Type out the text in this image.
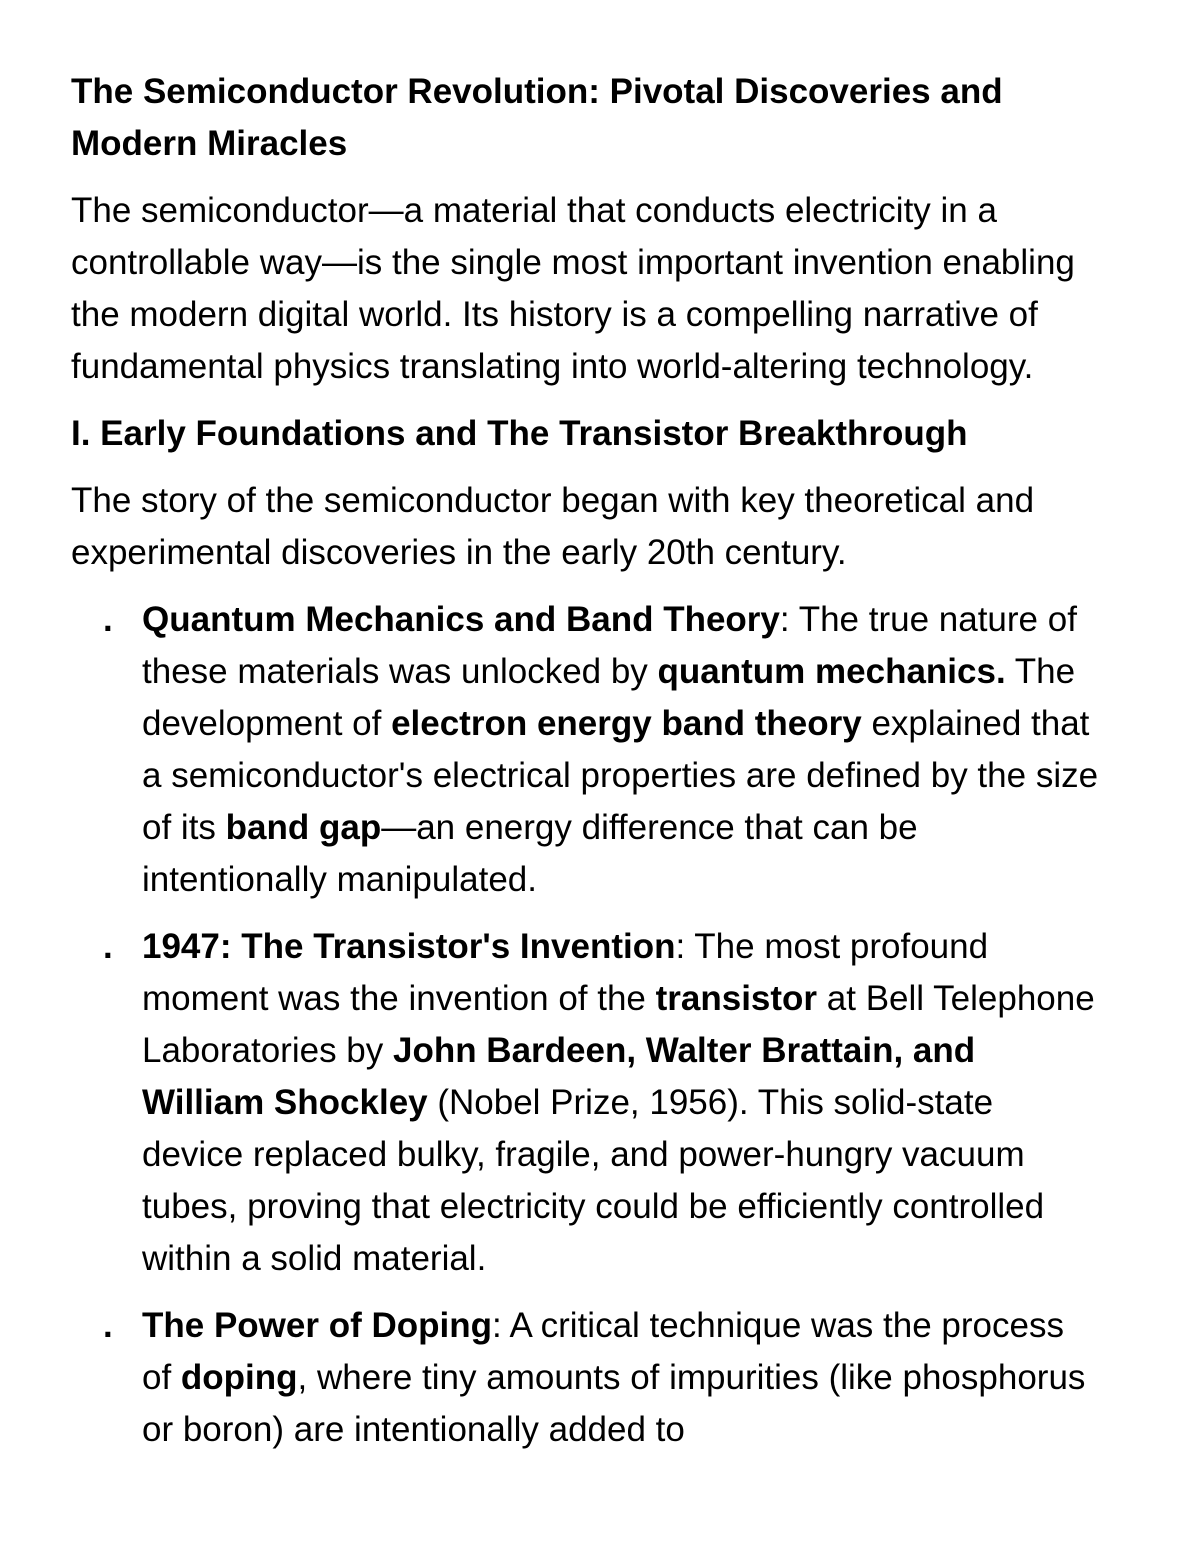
The Semiconductor Revolution: Pivotal Discoveries and Modern Miracles

The semiconductor—a material that conducts electricity in a controllable way—is the single most important invention enabling the modern digital world. Its history is a compelling narrative of fundamental physics translating into world-altering technology.

I. Early Foundations and The Transistor Breakthrough

The story of the semiconductor began with key theoretical and experimental discoveries in the early 20th century.

. Quantum Mechanics and Band Theory: The true nature of these materials was unlocked by quantum mechanics. The development of electron energy band theory explained that a semiconductor's electrical properties are defined by the size of its band gap—an energy difference that can be intentionally manipulated.
. 1947: The Transistor's Invention: The most profound moment was the invention of the transistor at Bell Telephone Laboratories by John Bardeen, Walter Brattain, and William Shockley (Nobel Prize, 1956). This solid-state device replaced bulky, fragile, and power-hungry vacuum tubes, proving that electricity could be efficiently controlled within a solid material.
. The Power of Doping: A critical technique was the process of doping, where tiny amounts of impurities (like phosphorus or boron) are intentionally added to
